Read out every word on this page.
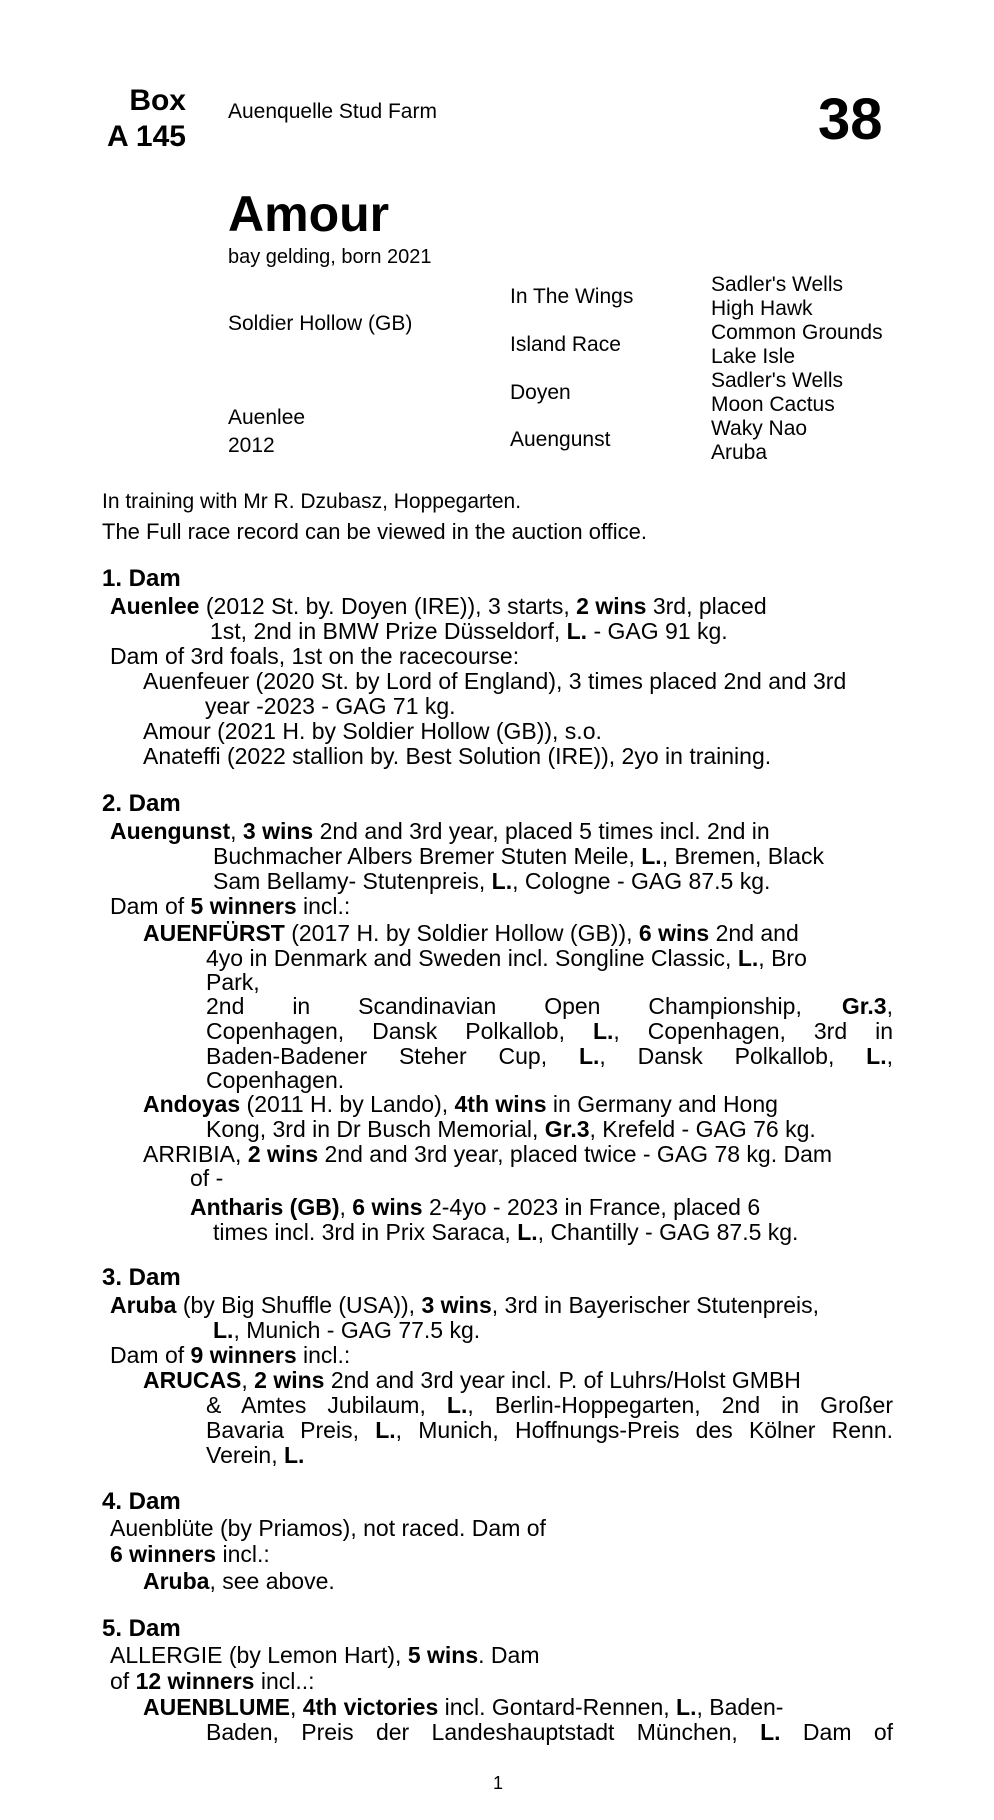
Box
A 145
Auenquelle Stud Farm	38
Amour
bay gelding, born 2021
Soldier Hollow (GB)
Auenlee
2012
In The Wings
Island Race
Doyen
Auengunst
Sadler's Wells
High Hawk
Common Grounds
Lake Isle
Sadler's Wells
Moon Cactus
Waky Nao
Aruba
In training with Mr R. Dzubasz, Hoppegarten.
The Full race record can be viewed in the auction office.
1. Dam
Auenlee (2012 St. by. Doyen (IRE)), 3 starts, 2 wins 3rd, placed
1st, 2nd in BMW Prize Düsseldorf, L. - GAG 91 kg.
Dam of 3rd foals, 1st on the racecourse:
Auenfeuer (2020 St. by Lord of England), 3 times placed 2nd and 3rd
year -2023 - GAG 71 kg.
Amour (2021 H. by Soldier Hollow (GB)), s.o.
Anateffi (2022 stallion by. Best Solution (IRE)), 2yo in training.
2. Dam
Auengunst, 3 wins 2nd and 3rd year, placed 5 times incl. 2nd in
Buchmacher Albers Bremer Stuten Meile, L., Bremen, Black
Sam Bellamy- Stutenpreis, L., Cologne - GAG 87.5 kg.
Dam of 5 winners incl.:
AUENFÜRST (2017 H. by Soldier Hollow (GB)), 6 wins 2nd and
4yo in Denmark and Sweden incl. Songline Classic, L., Bro
Park,
2nd in Scandinavian Open Championship, Gr.3 ,
Copenhagen, Dansk Polkallob, L., Copenhagen, 3rd in
Baden-Badener Steher Cup, L., Dansk Polkallob, L.,
Copenhagen.
Andoyas (2011 H. by Lando), 4th wins in Germany and Hong
Kong, 3rd in Dr Busch Memorial, Gr.3, Krefeld - GAG 76 kg.
ARRIBIA, 2 wins 2nd and 3rd year, placed twice - GAG 78 kg. Dam
of -
Antharis (GB), 6 wins 2-4yo - 2023 in France, placed 6
times incl. 3rd in Prix Saraca, L., Chantilly - GAG 87.5 kg.
3. Dam
Aruba (by Big Shuffle (USA)), 3 wins, 3rd in Bayerischer Stutenpreis,
L., Munich - GAG 77.5 kg.
Dam of 9 winners incl.:
ARUCAS, 2 wins 2nd and 3rd year incl. P. of Luhrs/Holst GMBH
& Amtes Jubilaum, L., Berlin-Hoppegarten, 2nd in Großer
Bavaria Preis, L., Munich, Hoffnungs-Preis des Kölner Renn.
Verein, L.
4. Dam
Auenblüte (by Priamos), not raced. Dam of
6 winners incl.:
Aruba, see above.
5. Dam
ALLERGIE (by Lemon Hart), 5 wins. Dam
of 12 winners incl..:
AUENBLUME, 4th victories incl. Gontard-Rennen, L., Baden-
Baden, Preis der Landeshauptstadt München, L. Dam of
1
